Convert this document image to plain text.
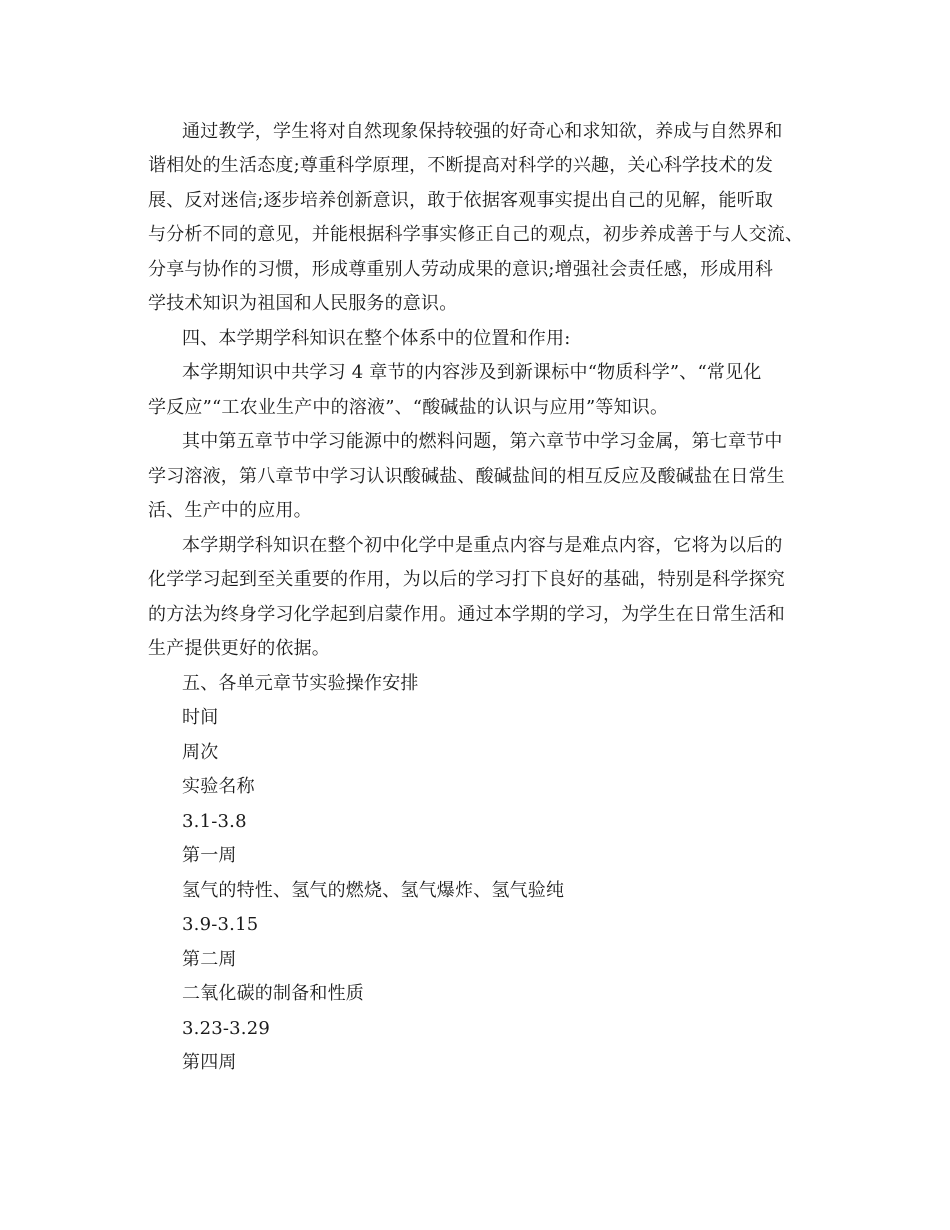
通过教学，学生将对自然现象保持较强的好奇心和求知欲，养成与自然界和
谐相处的生活态度;尊重科学原理，不断提高对科学的兴趣，关心科学技术的发
展、反对迷信;逐步培养创新意识，敢于依据客观事实提出自己的见解，能听取
与分析不同的意见，并能根据科学事实修正自己的观点，初步养成善于与人交流、
分享与协作的习惯，形成尊重别人劳动成果的意识;增强社会责任感，形成用科
学技术知识为祖国和人民服务的意识。
四、本学期学科知识在整个体系中的位置和作用:
本学期知识中共学习 4 章节的内容涉及到新课标中“物质科学”、“常见化
学反应”“工农业生产中的溶液”、“酸碱盐的认识与应用”等知识。
其中第五章节中学习能源中的燃料问题，第六章节中学习金属，第七章节中
学习溶液，第八章节中学习认识酸碱盐、酸碱盐间的相互反应及酸碱盐在日常生
活、生产中的应用。
本学期学科知识在整个初中化学中是重点内容与是难点内容，它将为以后的
化学学习起到至关重要的作用，为以后的学习打下良好的基础，特别是科学探究
的方法为终身学习化学起到启蒙作用。通过本学期的学习，为学生在日常生活和
生产提供更好的依据。
五、各单元章节实验操作安排
时间
周次
实验名称
3.1-3.8
第一周
氢气的特性、氢气的燃烧、氢气爆炸、氢气验纯
3.9-3.15
第二周
二氧化碳的制备和性质
3.23-3.29
第四周
